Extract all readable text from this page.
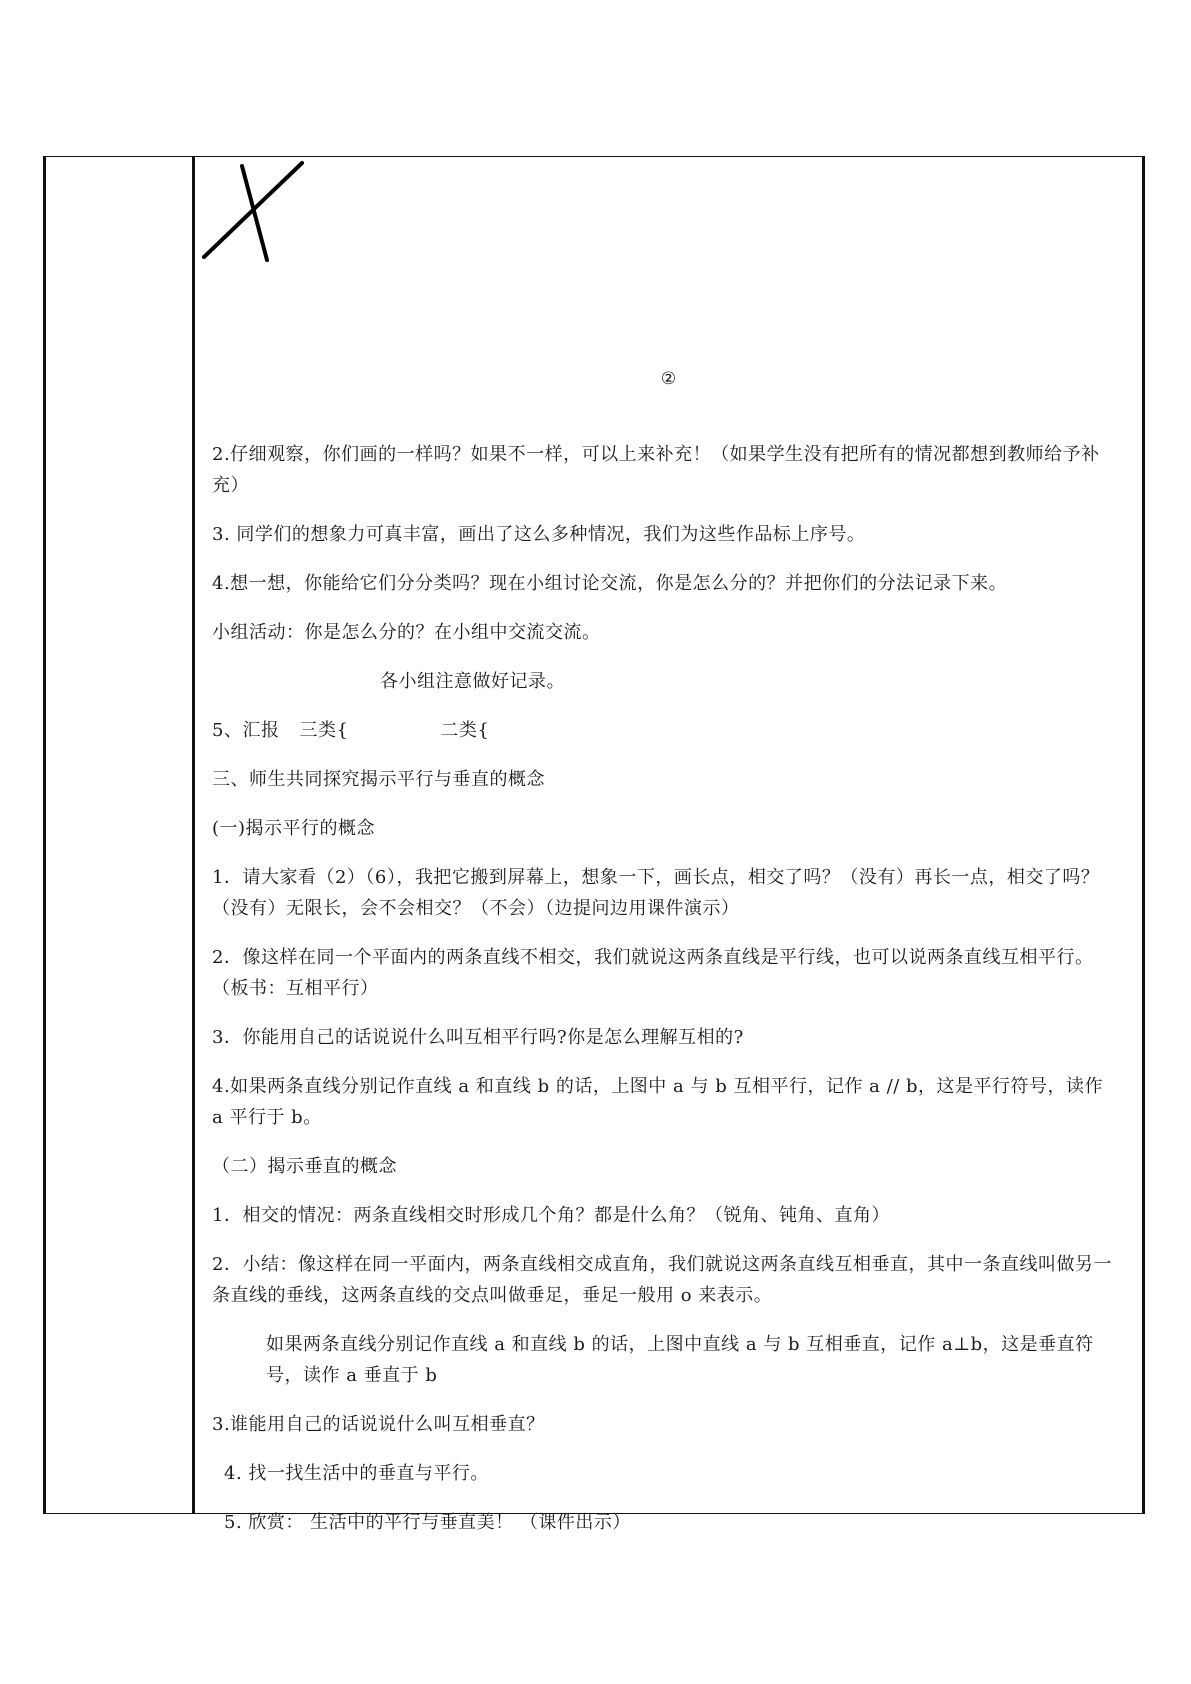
②

2.仔细观察，你们画的一样吗？如果不一样，可以上来补充！（如果学生没有把所有的情况都想到教师给予补充）

3. 同学们的想象力可真丰富，画出了这么多种情况，我们为这些作品标上序号。

4.想一想，你能给它们分分类吗？现在小组讨论交流，你是怎么分的？并把你们的分法记录下来。

小组活动：你是怎么分的？在小组中交流交流。

各小组注意做好记录。

5、汇报 三类{	二类{

三、师生共同探究揭示平行与垂直的概念

(一)揭示平行的概念

1．请大家看（2）（6），我把它搬到屏幕上，想象一下，画长点，相交了吗？（没有）再长一点，相交了吗？（没有）无限长，会不会相交？（不会）（边提问边用课件演示）

2．像这样在同一个平面内的两条直线不相交，我们就说这两条直线是平行线，也可以说两条直线互相平行。（板书：互相平行）

3．你能用自己的话说说什么叫互相平行吗?你是怎么理解互相的?

4.如果两条直线分别记作直线 a 和直线 b 的话，上图中 a 与 b 互相平行，记作 a // b，这是平行符号，读作 a 平行于 b。

（二）揭示垂直的概念

1．相交的情况：两条直线相交时形成几个角？都是什么角？（锐角、钝角、直角）

2．小结：像这样在同一平面内，两条直线相交成直角，我们就说这两条直线互相垂直，其中一条直线叫做另一条直线的垂线，这两条直线的交点叫做垂足，垂足一般用 o 来表示。

如果两条直线分别记作直线 a 和直线 b 的话，上图中直线 a 与 b 互相垂直，记作 a⊥b，这是垂直符号，读作 a 垂直于 b

3.谁能用自己的话说说什么叫互相垂直？

4. 找一找生活中的垂直与平行。

5. 欣赏： 生活中的平行与垂直美！ （课件出示）
